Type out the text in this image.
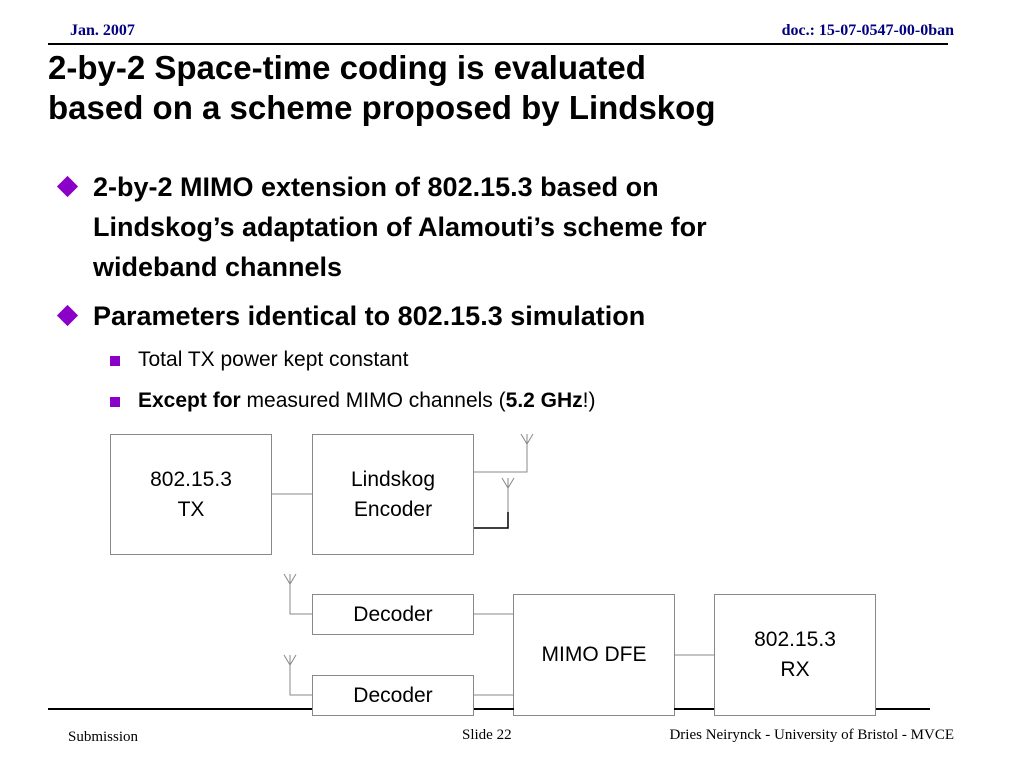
Jan. 2007	doc.: 15-07-0547-00-0ban
2-by-2 Space-time coding is evaluated
based on a scheme proposed by Lindskog
2-by-2 MIMO extension of 802.15.3 based on
Lindskog’s adaptation of Alamouti’s scheme for
wideband channels
Parameters identical to 802.15.3 simulation
Total TX power kept constant
Except for measured MIMO channels (5.2 GHz!)
802.15.3
TX
Lindskog
Encoder
Decoder
Decoder
MIMO DFE
802.15.3
RX
Submission	Slide 22	Dries Neirynck - University of Bristol - MVCE
